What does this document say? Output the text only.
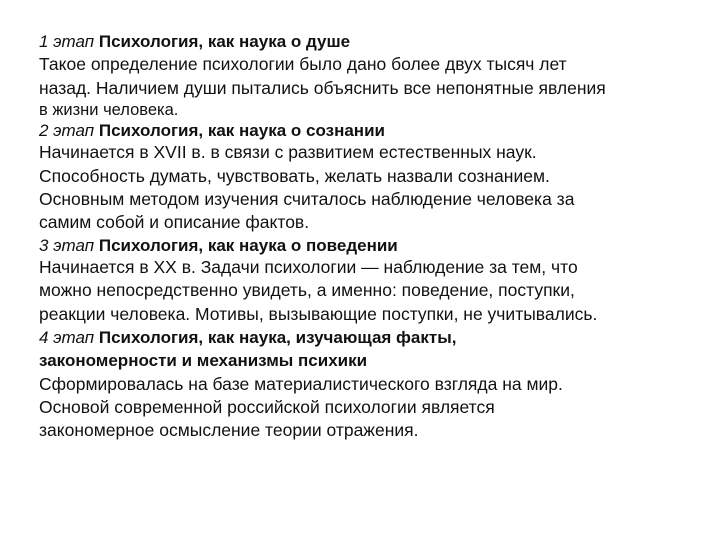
1 этап Психология, как наука о душе
Такое определение психологии было дано более двух тысяч лет
назад. Наличием души пытались объяснить все непонятные явления
в жизни человека.
2 этап Психология, как наука о сознании
Начинается в XVII в. в связи с развитием естественных наук.
Способность думать, чувствовать, желать назвали сознанием.
Основным методом изучения считалось наблюдение человека за
самим собой и описание фактов.
3 этап Психология, как наука о поведении
Начинается в XX в. Задачи психологии — наблюдение за тем, что
можно непосредственно увидеть, а именно: поведение, поступки,
реакции человека. Мотивы, вызывающие поступки, не учитывались.
4 этап Психология, как наука, изучающая факты,
закономерности и механизмы психики
Сформировалась на базе материалистического взгляда на мир.
Основой современной российской психологии является
закономерное осмысление теории отражения.
